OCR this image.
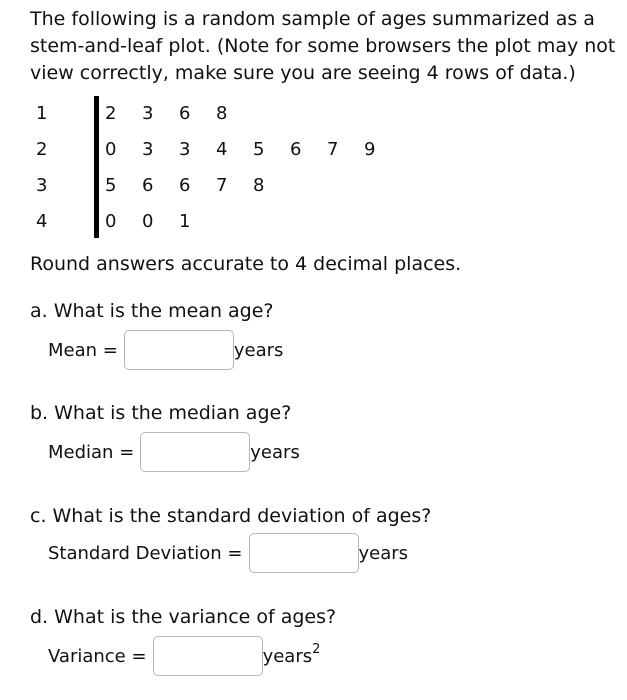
The following is a random sample of ages summarized as a stem-and-leaf plot. (Note for some browsers the plot may not view correctly, make sure you are seeing 4 rows of data.)

1	2 3 6 8
2	0 3 3 4 5 6 7 9
3	5 6 6 7 8
4	0 0 1
Round answers accurate to 4 decimal places.
a. What is the mean age?
Mean =	years
b. What is the median age?
Median =	years
c. What is the standard deviation of ages?
Standard Deviation =	years
d. What is the variance of ages?
Variance =	years$^2$
